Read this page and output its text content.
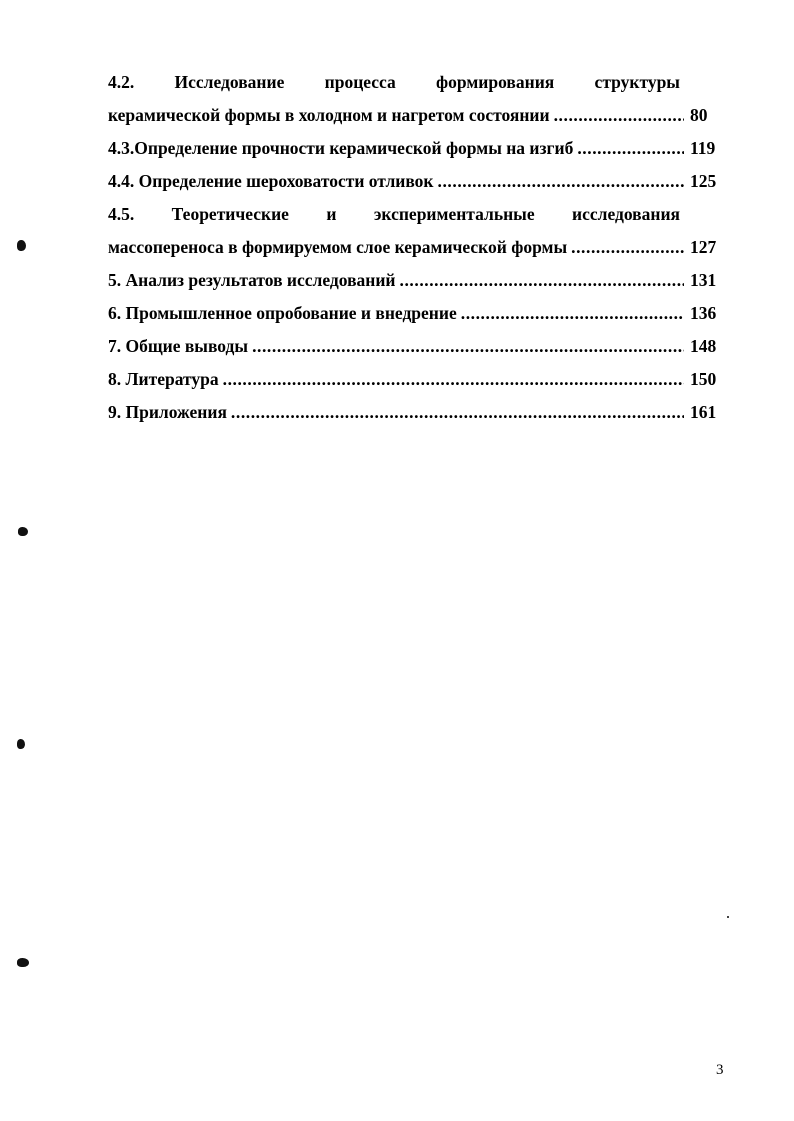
4.2. Исследование процесса формирования структуры
керамической формы в холодном и нагретом состоянии . . .	80
4.3.Определение прочности керамической формы на изгиб . . .	119
4.4. Определение шероховатости отливок . . .	125
4.5. Теоретические и экспериментальные исследования
массопереноса в формируемом слое керамической формы . . .	127
5. Анализ результатов исследований . . .	131
6. Промышленное опробование и внедрение . . .	136
7. Общие выводы . . .	148
8. Литература . . .	150
9. Приложения . . .	161
3
